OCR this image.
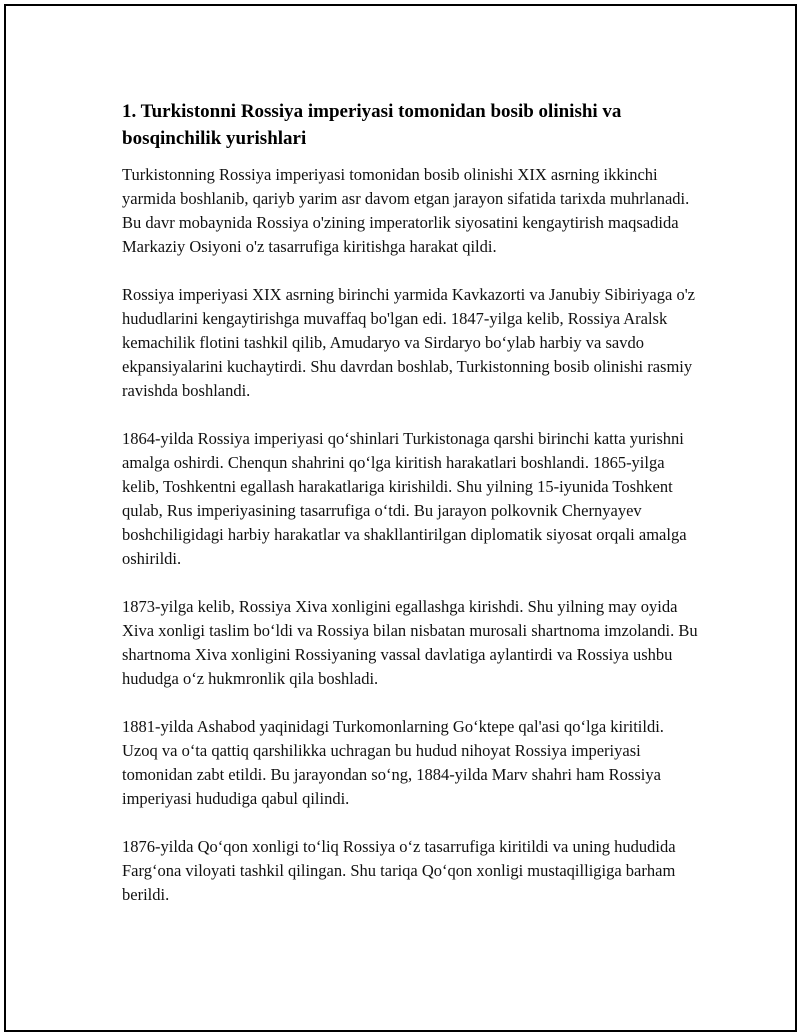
1. Turkistonni Rossiya imperiyasi tomonidan bosib olinishi va bosqinchilik yurishlari

Turkistonning Rossiya imperiyasi tomonidan bosib olinishi XIX asrning ikkinchi yarmida boshlanib, qariyb yarim asr davom etgan jarayon sifatida tarixda muhrlanadi. Bu davr mobaynida Rossiya o'zining imperatorlik siyosatini kengaytirish maqsadida Markaziy Osiyoni o'z tasarrufiga kiritishga harakat qildi.

Rossiya imperiyasi XIX asrning birinchi yarmida Kavkazorti va Janubiy Sibiriyaga o'z hududlarini kengaytirishga muvaffaq bo'lgan edi. 1847-yilga kelib, Rossiya Aralsk kemachilik flotini tashkil qilib, Amudaryo va Sirdaryo bo‘ylab harbiy va savdo ekpansiyalarini kuchaytirdi. Shu davrdan boshlab, Turkistonning bosib olinishi rasmiy ravishda boshlandi.

1864-yilda Rossiya imperiyasi qo‘shinlari Turkistonaga qarshi birinchi katta yurishni amalga oshirdi. Chenqun shahrini qo‘lga kiritish harakatlari boshlandi. 1865-yilga kelib, Toshkentni egallash harakatlariga kirishildi. Shu yilning 15-iyunida Toshkent qulab, Rus imperiyasining tasarrufiga o‘tdi. Bu jarayon polkovnik Chernyayev boshchiligidagi harbiy harakatlar va shakllantirilgan diplomatik siyosat orqali amalga oshirildi.

1873-yilga kelib, Rossiya Xiva xonligini egallashga kirishdi. Shu yilning may oyida Xiva xonligi taslim bo‘ldi va Rossiya bilan nisbatan murosali shartnoma imzolandi. Bu shartnoma Xiva xonligini Rossiyaning vassal davlatiga aylantirdi va Rossiya ushbu hududga o‘z hukmronlik qila boshladi.

1881-yilda Ashabod yaqinidagi Turkomonlarning Go‘ktepe qal'asi qo‘lga kiritildi. Uzoq va o‘ta qattiq qarshilikka uchragan bu hudud nihoyat Rossiya imperiyasi tomonidan zabt etildi. Bu jarayondan so‘ng, 1884-yilda Marv shahri ham Rossiya imperiyasi hududiga qabul qilindi.

1876-yilda Qo‘qon xonligi to‘liq Rossiya o‘z tasarrufiga kiritildi va uning hududida Farg‘ona viloyati tashkil qilingan. Shu tariqa Qo‘qon xonligi mustaqilligiga barham berildi.
